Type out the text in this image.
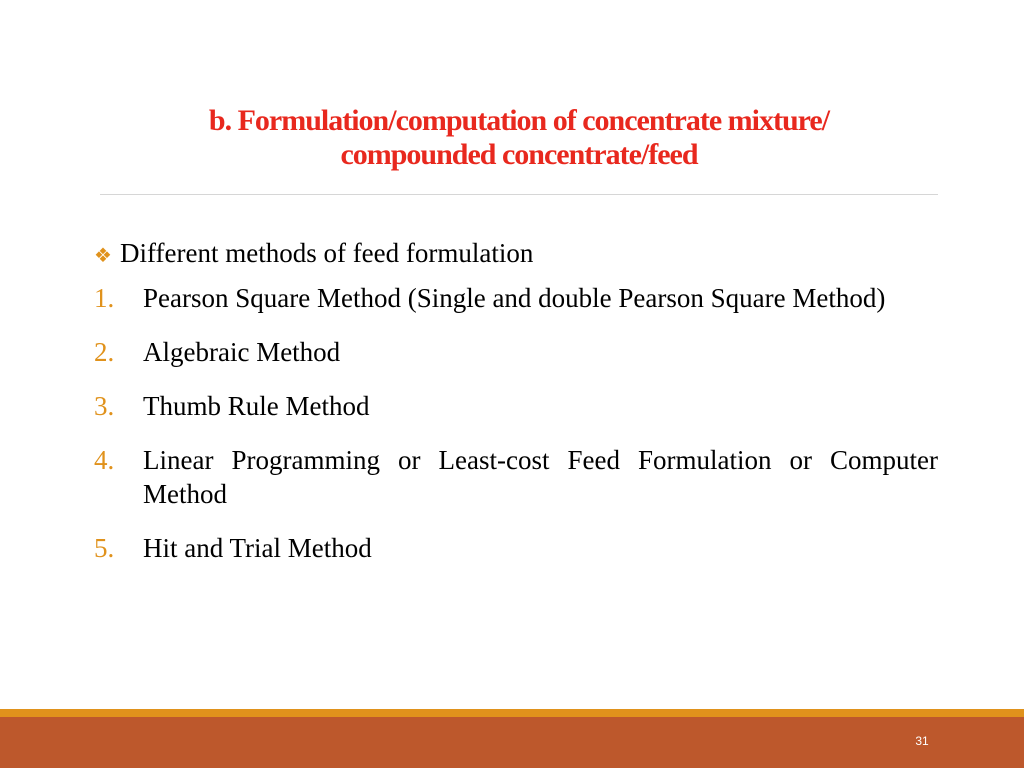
b. Formulation/computation of concentrate mixture/
compounded concentrate/feed
❖ Different methods of feed formulation
1.	Pearson Square Method (Single and double Pearson Square Method)
2.	Algebraic Method
3.	Thumb Rule Method
4.	Linear Programming or Least-cost Feed Formulation or Computer Method
5.	Hit and Trial Method
31
